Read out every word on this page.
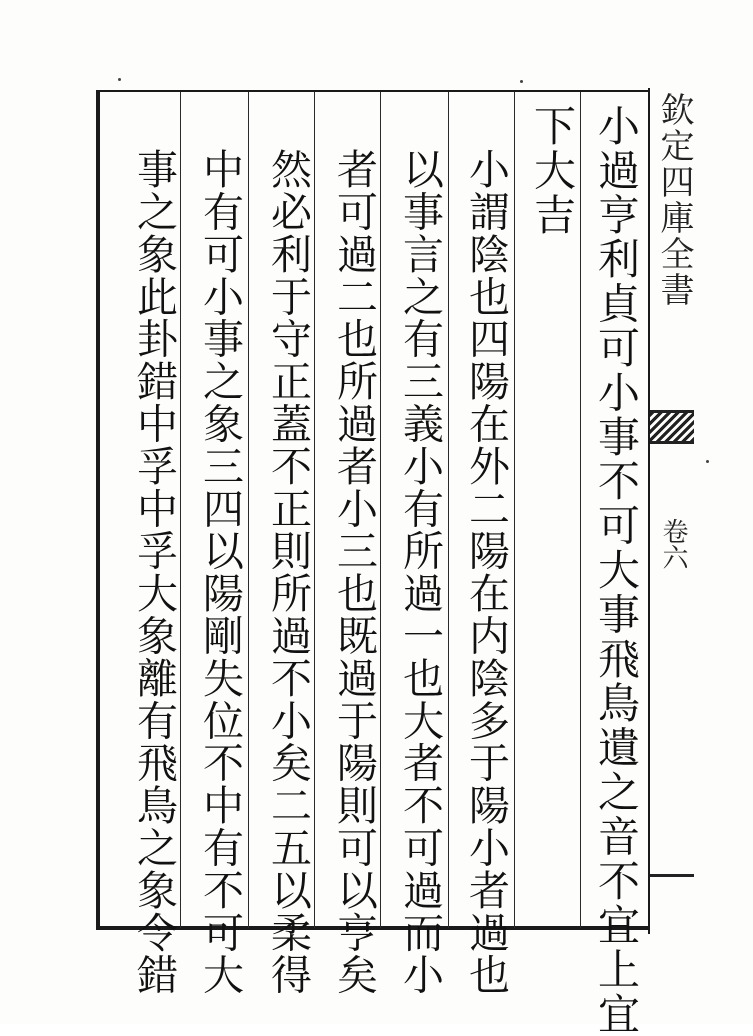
欽定四庫全書
卷六
小過亨利貞可小事不可大事飛鳥遺之音不宜上宜
下大吉
小謂陰也四陽在外二陽在内陰多于陽小者過也
以事言之有三義小有所過一也大者不可過而小
者可過二也所過者小三也既過于陽則可以亨矣
然必利于守正蓋不正則所過不小矣二五以柔得
中有可小事之象三四以陽剛失位不中有不可大
事之象此卦錯中孚中孚大象離有飛鳥之象令錯
